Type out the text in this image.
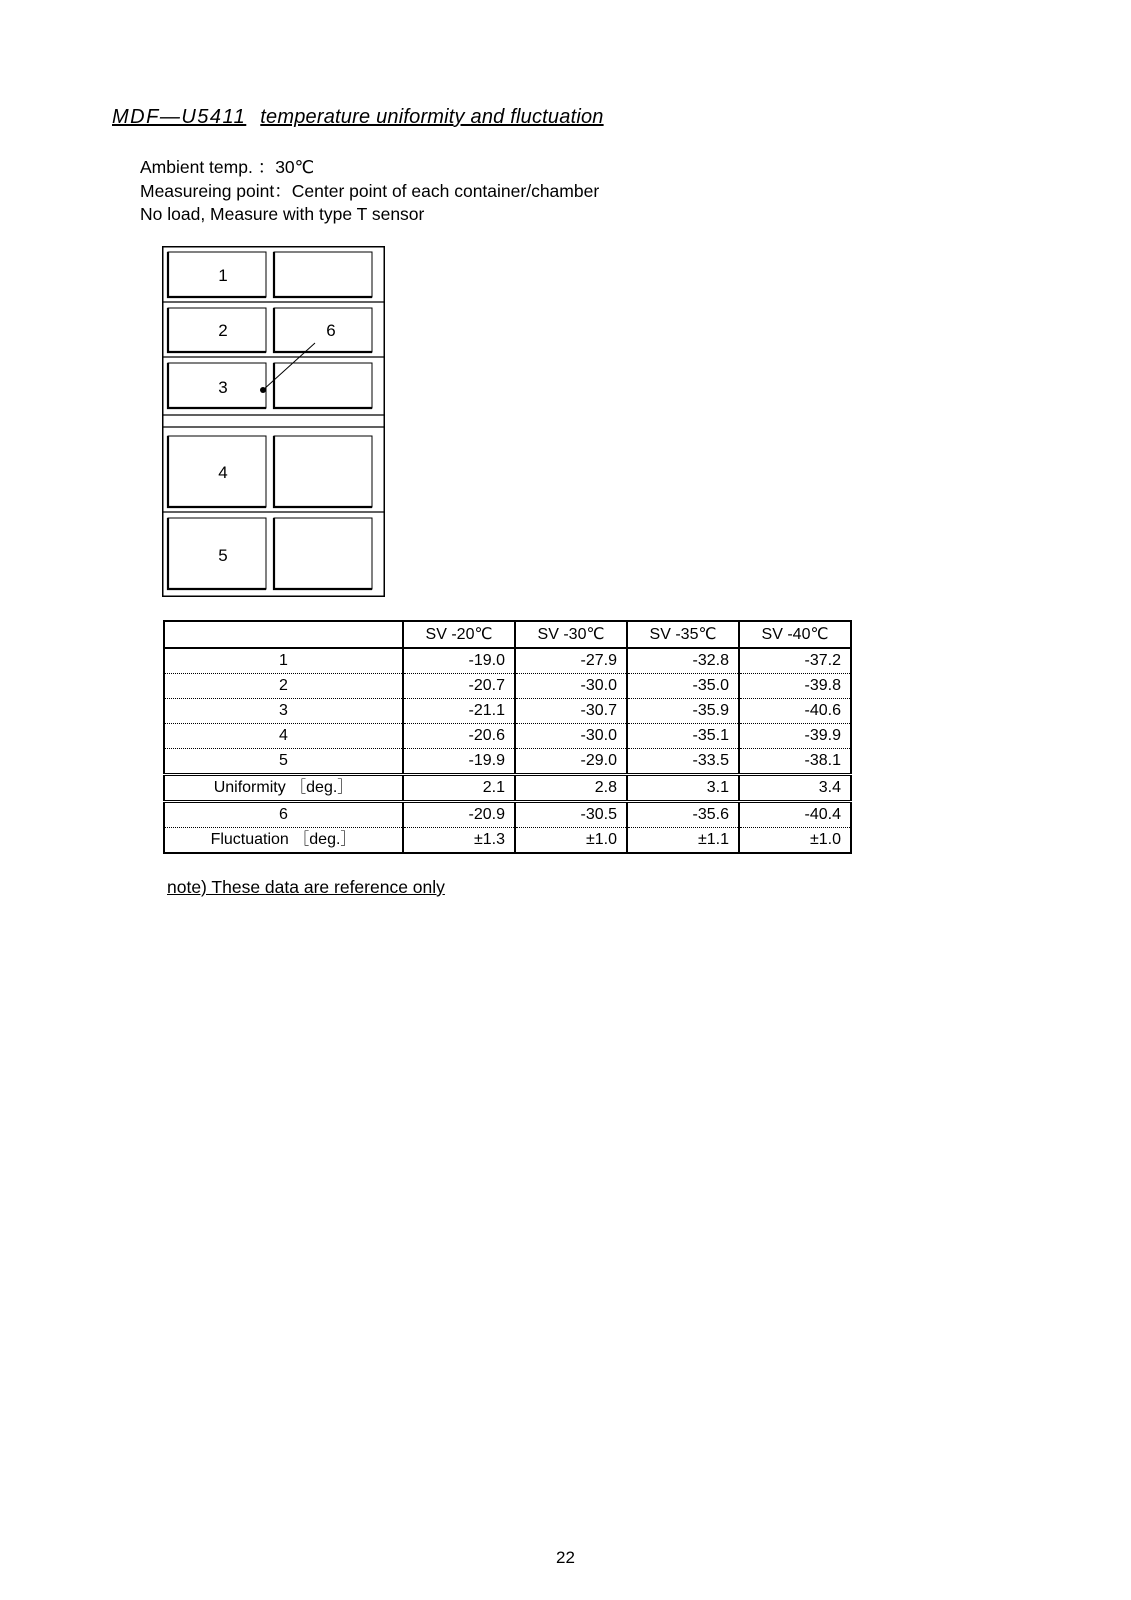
MDF—U5411 temperature uniformity and fluctuation
Ambient temp. ：30℃
Measureing point：Center point of each container/chamber
No load, Measure with type T sensor
1
2
3
4
5
6
	SV -20℃	SV -30℃	SV -35℃	SV -40℃
1	-19.0	-27.9	-32.8	-37.2
2	-20.7	-30.0	-35.0	-39.8
3	-21.1	-30.7	-35.9	-40.6
4	-20.6	-30.0	-35.1	-39.9
5	-19.9	-29.0	-33.5	-38.1
Uniformity ［deg.］	2.1	2.8	3.1	3.4
6	-20.9	-30.5	-35.6	-40.4
Fluctuation ［deg.］	±1.3	±1.0	±1.1	±1.0
note) These data are reference only
22
